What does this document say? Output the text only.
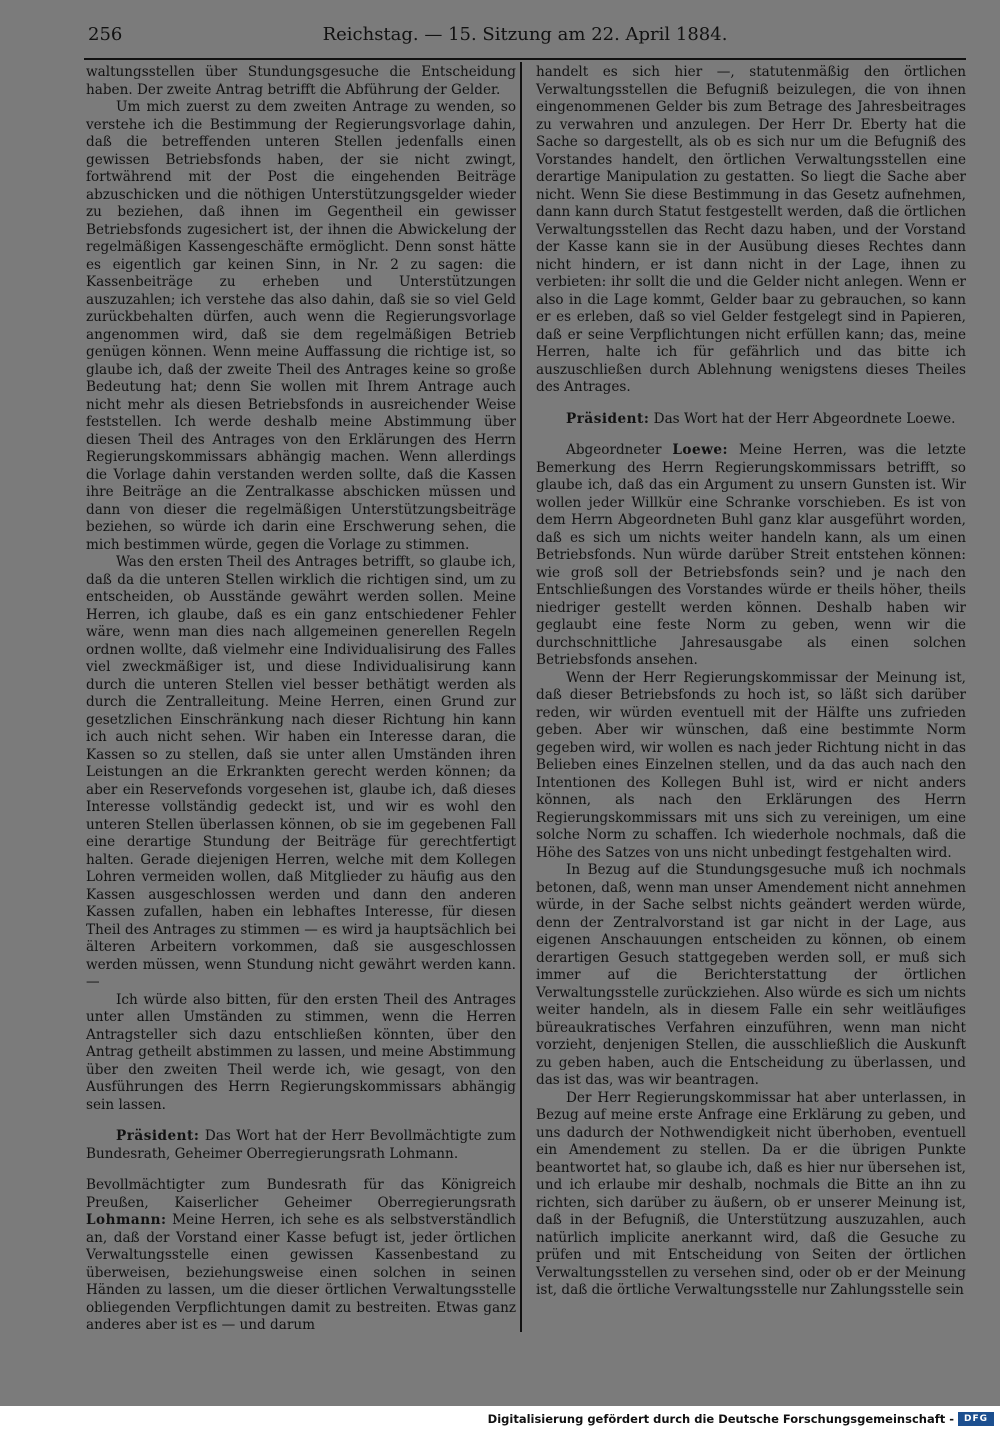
256	Reichstag. — 15. Sitzung am 22. April 1884.

waltungsstellen über Stundungsgesuche die Entscheidung haben. Der zweite Antrag betrifft die Abführung der Gelder.

Um mich zuerst zu dem zweiten Antrage zu wenden, so verstehe ich die Bestimmung der Regierungsvorlage dahin, daß die betreffenden unteren Stellen jedenfalls einen gewissen Betriebsfonds haben, der sie nicht zwingt, fortwährend mit der Post die eingehenden Beiträge abzuschicken und die nöthigen Unterstützungsgelder wieder zu beziehen, daß ihnen im Gegentheil ein gewisser Betriebsfonds zugesichert ist, der ihnen die Abwickelung der regelmäßigen Kassengeschäfte ermöglicht. Denn sonst hätte es eigentlich gar keinen Sinn, in Nr. 2 zu sagen: die Kassenbeiträge zu erheben und Unterstützungen auszuzahlen; ich verstehe das also dahin, daß sie so viel Geld zurückbehalten dürfen, auch wenn die Regierungsvorlage angenommen wird, daß sie dem regelmäßigen Betrieb genügen können. Wenn meine Auffassung die richtige ist, so glaube ich, daß der zweite Theil des Antrages keine so große Bedeutung hat; denn Sie wollen mit Ihrem Antrage auch nicht mehr als diesen Betriebsfonds in ausreichender Weise feststellen. Ich werde deshalb meine Abstimmung über diesen Theil des Antrages von den Erklärungen des Herrn Regierungskommissars abhängig machen. Wenn allerdings die Vorlage dahin verstanden werden sollte, daß die Kassen ihre Beiträge an die Zentralkasse abschicken müssen und dann von dieser die regelmäßigen Unterstützungsbeiträge beziehen, so würde ich darin eine Erschwerung sehen, die mich bestimmen würde, gegen die Vorlage zu stimmen.

Was den ersten Theil des Antrages betrifft, so glaube ich, daß da die unteren Stellen wirklich die richtigen sind, um zu entscheiden, ob Ausstände gewährt werden sollen. Meine Herren, ich glaube, daß es ein ganz entschiedener Fehler wäre, wenn man dies nach allgemeinen generellen Regeln ordnen wollte, daß vielmehr eine Individualisirung des Falles viel zweckmäßiger ist, und diese Individualisirung kann durch die unteren Stellen viel besser bethätigt werden als durch die Zentralleitung. Meine Herren, einen Grund zur gesetzlichen Einschränkung nach dieser Richtung hin kann ich auch nicht sehen. Wir haben ein Interesse daran, die Kassen so zu stellen, daß sie unter allen Umständen ihren Leistungen an die Erkrankten gerecht werden können; da aber ein Reservefonds vorgesehen ist, glaube ich, daß dieses Interesse vollständig gedeckt ist, und wir es wohl den unteren Stellen überlassen können, ob sie im gegebenen Fall eine derartige Stundung der Beiträge für gerechtfertigt halten. Gerade diejenigen Herren, welche mit dem Kollegen Lohren vermeiden wollen, daß Mitglieder zu häufig aus den Kassen ausgeschlossen werden und dann den anderen Kassen zufallen, haben ein lebhaftes Interesse, für diesen Theil des Antrages zu stimmen — es wird ja hauptsächlich bei älteren Arbeitern vorkommen, daß sie ausgeschlossen werden müssen, wenn Stundung nicht gewährt werden kann. —

Ich würde also bitten, für den ersten Theil des Antrages unter allen Umständen zu stimmen, wenn die Herren Antragsteller sich dazu entschließen könnten, über den Antrag getheilt abstimmen zu lassen, und meine Abstimmung über den zweiten Theil werde ich, wie gesagt, von den Ausführungen des Herrn Regierungskommissars abhängig sein lassen.

Präsident: Das Wort hat der Herr Bevollmächtigte zum Bundesrath, Geheimer Oberregierungsrath Lohmann.

Bevollmächtigter zum Bundesrath für das Königreich Preußen, Kaiserlicher Geheimer Oberregierungsrath Lohmann: Meine Herren, ich sehe es als selbstverständlich an, daß der Vorstand einer Kasse befugt ist, jeder örtlichen Verwaltungsstelle einen gewissen Kassenbestand zu überweisen, beziehungsweise einen solchen in seinen Händen zu lassen, um die dieser örtlichen Verwaltungsstelle obliegenden Verpflichtungen damit zu bestreiten. Etwas ganz anderes aber ist es — und darum

handelt es sich hier —, statutenmäßig den örtlichen Verwaltungsstellen die Befugniß beizulegen, die von ihnen eingenommenen Gelder bis zum Betrage des Jahresbeitrages zu verwahren und anzulegen. Der Herr Dr. Eberty hat die Sache so dargestellt, als ob es sich nur um die Befugniß des Vorstandes handelt, den örtlichen Verwaltungsstellen eine derartige Manipulation zu gestatten. So liegt die Sache aber nicht. Wenn Sie diese Bestimmung in das Gesetz aufnehmen, dann kann durch Statut festgestellt werden, daß die örtlichen Verwaltungsstellen das Recht dazu haben, und der Vorstand der Kasse kann sie in der Ausübung dieses Rechtes dann nicht hindern, er ist dann nicht in der Lage, ihnen zu verbieten: ihr sollt die und die Gelder nicht anlegen. Wenn er also in die Lage kommt, Gelder baar zu gebrauchen, so kann er es erleben, daß so viel Gelder festgelegt sind in Papieren, daß er seine Verpflichtungen nicht erfüllen kann; das, meine Herren, halte ich für gefährlich und das bitte ich auszuschließen durch Ablehnung wenigstens dieses Theiles des Antrages.

Präsident: Das Wort hat der Herr Abgeordnete Loewe.

Abgeordneter Loewe: Meine Herren, was die letzte Bemerkung des Herrn Regierungskommissars betrifft, so glaube ich, daß das ein Argument zu unsern Gunsten ist. Wir wollen jeder Willkür eine Schranke vorschieben. Es ist von dem Herrn Abgeordneten Buhl ganz klar ausgeführt worden, daß es sich um nichts weiter handeln kann, als um einen Betriebsfonds. Nun würde darüber Streit entstehen können: wie groß soll der Betriebsfonds sein? und je nach den Entschließungen des Vorstandes würde er theils höher, theils niedriger gestellt werden können. Deshalb haben wir geglaubt eine feste Norm zu geben, wenn wir die durchschnittliche Jahresausgabe als einen solchen Betriebsfonds ansehen.

Wenn der Herr Regierungskommissar der Meinung ist, daß dieser Betriebsfonds zu hoch ist, so läßt sich darüber reden, wir würden eventuell mit der Hälfte uns zufrieden geben. Aber wir wünschen, daß eine bestimmte Norm gegeben wird, wir wollen es nach jeder Richtung nicht in das Belieben eines Einzelnen stellen, und da das auch nach den Intentionen des Kollegen Buhl ist, wird er nicht anders können, als nach den Erklärungen des Herrn Regierungskommissars mit uns sich zu vereinigen, um eine solche Norm zu schaffen. Ich wiederhole nochmals, daß die Höhe des Satzes von uns nicht unbedingt festgehalten wird.

In Bezug auf die Stundungsgesuche muß ich nochmals betonen, daß, wenn man unser Amendement nicht annehmen würde, in der Sache selbst nichts geändert werden würde, denn der Zentralvorstand ist gar nicht in der Lage, aus eigenen Anschauungen entscheiden zu können, ob einem derartigen Gesuch stattgegeben werden soll, er muß sich immer auf die Berichterstattung der örtlichen Verwaltungsstelle zurückziehen. Also würde es sich um nichts weiter handeln, als in diesem Falle ein sehr weitläufiges büreaukratisches Verfahren einzuführen, wenn man nicht vorzieht, denjenigen Stellen, die ausschließlich die Auskunft zu geben haben, auch die Entscheidung zu überlassen, und das ist das, was wir beantragen.

Der Herr Regierungskommissar hat aber unterlassen, in Bezug auf meine erste Anfrage eine Erklärung zu geben, und uns dadurch der Nothwendigkeit nicht überhoben, eventuell ein Amendement zu stellen. Da er die übrigen Punkte beantwortet hat, so glaube ich, daß es hier nur übersehen ist, und ich erlaube mir deshalb, nochmals die Bitte an ihn zu richten, sich darüber zu äußern, ob er unserer Meinung ist, daß in der Befugniß, die Unterstützung auszuzahlen, auch natürlich implicite anerkannt wird, daß die Gesuche zu prüfen und mit Entscheidung von Seiten der örtlichen Verwaltungsstellen zu versehen sind, oder ob er der Meinung ist, daß die örtliche Verwaltungsstelle nur Zahlungsstelle sein

Digitalisierung gefördert durch die Deutsche Forschungsgemeinschaft -	DFG
